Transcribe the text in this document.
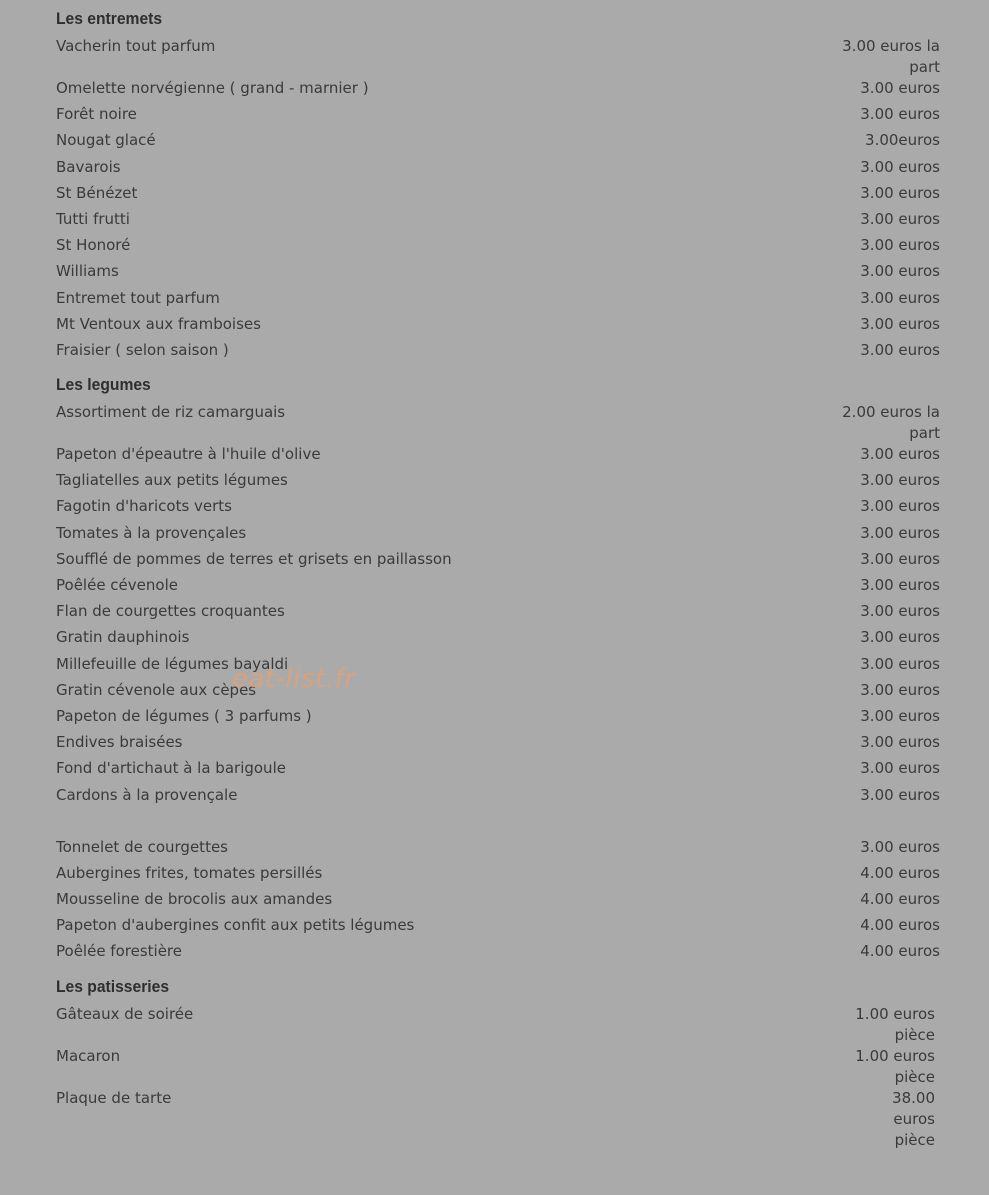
Les entremets
Vacherin tout parfum	3.00 euros la part
Omelette norvégienne ( grand - marnier )	3.00 euros
Forêt noire	3.00 euros
Nougat glacé	3.00euros
Bavarois	3.00 euros
St Bénézet	3.00 euros
Tutti frutti	3.00 euros
St Honoré	3.00 euros
Williams	3.00 euros
Entremet tout parfum	3.00 euros
Mt Ventoux aux framboises	3.00 euros
Fraisier ( selon saison )	3.00 euros
Les legumes
Assortiment de riz camarguais	2.00 euros la part
Papeton d'épeautre à l'huile d'olive	3.00 euros
Tagliatelles aux petits légumes	3.00 euros
Fagotin d'haricots verts	3.00 euros
Tomates à la provençales	3.00 euros
Soufflé de pommes de terres et grisets en paillasson	3.00 euros
Poêlée cévenole	3.00 euros
Flan de courgettes croquantes	3.00 euros
Gratin dauphinois	3.00 euros
Millefeuille de légumes bayaldi	3.00 euros
Gratin cévenole aux cèpes	3.00 euros
Papeton de légumes ( 3 parfums )	3.00 euros
Endives braisées	3.00 euros
Fond d'artichaut à la barigoule	3.00 euros
Cardons à la provençale	3.00 euros
Tonnelet de courgettes	3.00 euros
Aubergines frites, tomates persillés	4.00 euros
Mousseline de brocolis aux amandes	4.00 euros
Papeton d'aubergines confit aux petits légumes	4.00 euros
Poêlée forestière	4.00 euros
Les patisseries
Gâteaux de soirée	1.00 euros pièce
Macaron	1.00 euros pièce
Plaque de tarte	38.00 euros pièce
eat-list.fr
